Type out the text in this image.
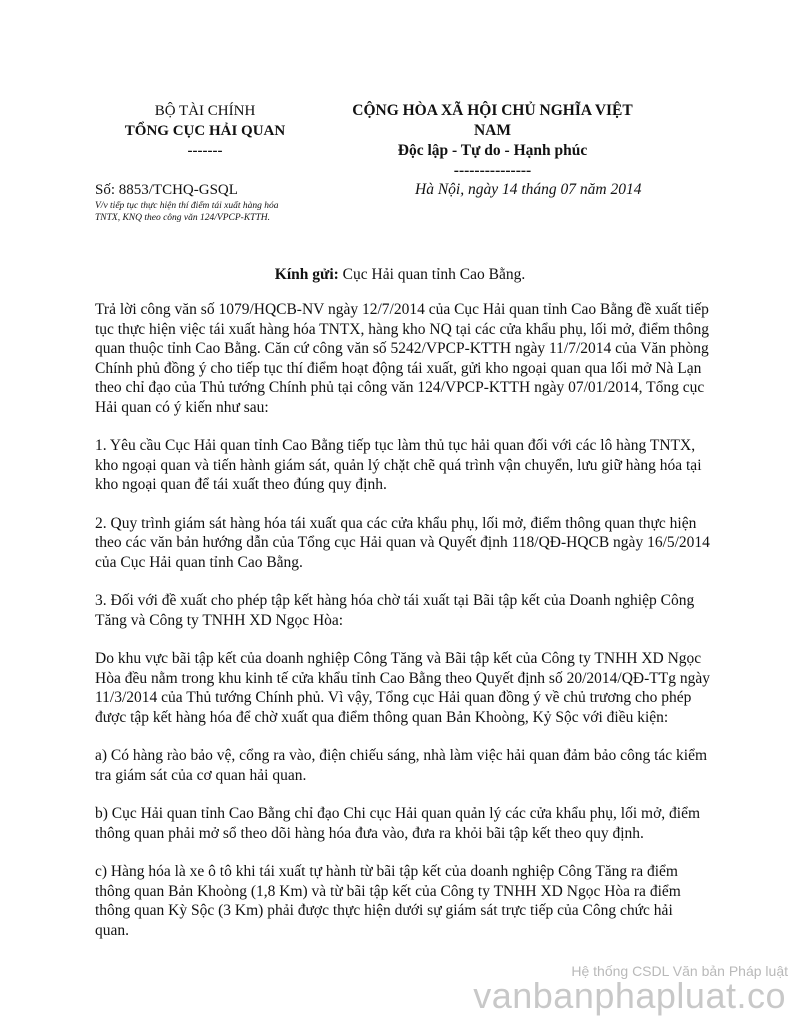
BỘ TÀI CHÍNH
TỔNG CỤC HẢI QUAN
-------
CỘNG HÒA XÃ HỘI CHỦ NGHĨA VIỆT
NAM
Độc lập - Tự do - Hạnh phúc
---------------
Số: 8853/TCHQ-GSQL
V/v tiếp tục thực hiện thí điểm tái xuất hàng hóa
TNTX, KNQ theo công văn 124/VPCP-KTTH.
Hà Nội, ngày 14 tháng 07 năm 2014
Kính gửi: Cục Hải quan tỉnh Cao Bằng.

Trả lời công văn số 1079/HQCB-NV ngày 12/7/2014 của Cục Hải quan tỉnh Cao Bằng đề xuất tiếp tục thực hiện việc tái xuất hàng hóa TNTX, hàng kho NQ tại các cửa khẩu phụ, lối mở, điểm thông quan thuộc tỉnh Cao Bằng. Căn cứ công văn số 5242/VPCP-KTTH ngày 11/7/2014 của Văn phòng Chính phủ đồng ý cho tiếp tục thí điểm hoạt động tái xuất, gửi kho ngoại quan qua lối mở Nà Lạn theo chỉ đạo của Thủ tướng Chính phủ tại công văn 124/VPCP-KTTH ngày 07/01/2014, Tổng cục Hải quan có ý kiến như sau:

1. Yêu cầu Cục Hải quan tỉnh Cao Bằng tiếp tục làm thủ tục hải quan đối với các lô hàng TNTX, kho ngoại quan và tiến hành giám sát, quản lý chặt chẽ quá trình vận chuyển, lưu giữ hàng hóa tại kho ngoại quan để tái xuất theo đúng quy định.

2. Quy trình giám sát hàng hóa tái xuất qua các cửa khẩu phụ, lối mở, điểm thông quan thực hiện theo các văn bản hướng dẫn của Tổng cục Hải quan và Quyết định 118/QĐ-HQCB ngày 16/5/2014 của Cục Hải quan tỉnh Cao Bằng.

3. Đối với đề xuất cho phép tập kết hàng hóa chờ tái xuất tại Bãi tập kết của Doanh nghiệp Công Tăng và Công ty TNHH XD Ngọc Hòa:

Do khu vực bãi tập kết của doanh nghiệp Công Tăng và Bãi tập kết của Công ty TNHH XD Ngọc Hòa đều nằm trong khu kinh tế cửa khẩu tỉnh Cao Bằng theo Quyết định số 20/2014/QĐ-TTg ngày 11/3/2014 của Thủ tướng Chính phủ. Vì vậy, Tổng cục Hải quan đồng ý về chủ trương cho phép được tập kết hàng hóa để chờ xuất qua điểm thông quan Bản Khoòng, Kỷ Sộc với điều kiện:

a) Có hàng rào bảo vệ, cổng ra vào, điện chiếu sáng, nhà làm việc hải quan đảm bảo công tác kiểm tra giám sát của cơ quan hải quan.

b) Cục Hải quan tỉnh Cao Bằng chỉ đạo Chi cục Hải quan quản lý các cửa khẩu phụ, lối mở, điểm thông quan phải mở sổ theo dõi hàng hóa đưa vào, đưa ra khỏi bãi tập kết theo quy định.

c) Hàng hóa là xe ô tô khi tái xuất tự hành từ bãi tập kết của doanh nghiệp Công Tăng ra điểm thông quan Bản Khoòng (1,8 Km) và từ bãi tập kết của Công ty TNHH XD Ngọc Hòa ra điểm thông quan Kỳ Sộc (3 Km) phải được thực hiện dưới sự giám sát trực tiếp của Công chức hải quan.

Hệ thống CSDL Văn bản Pháp luật
vanbanphapluat.co
